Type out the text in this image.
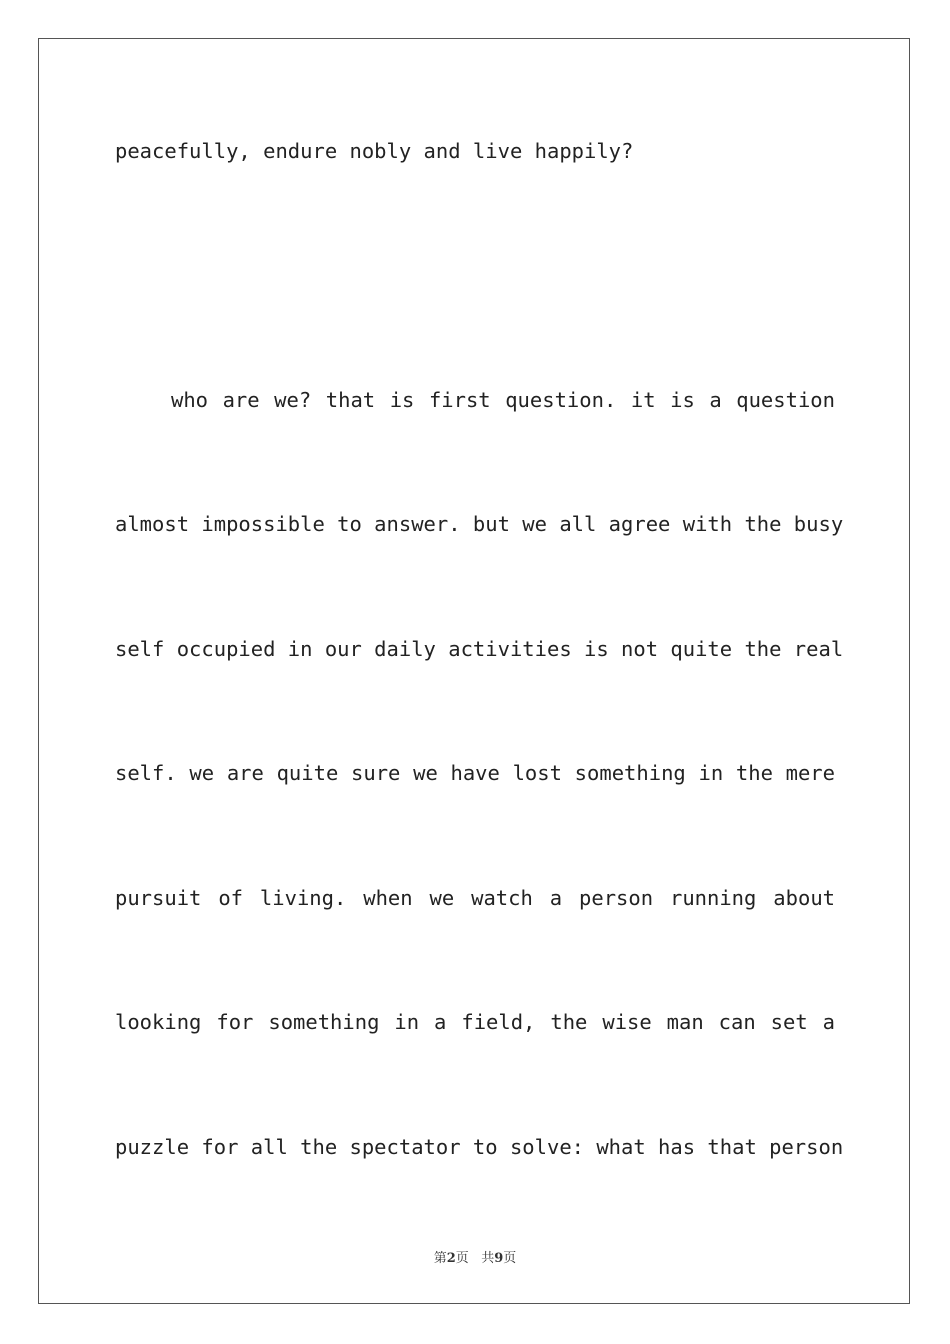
peacefully, endure nobly and live happily?
who are we? that is first question. it is a question
almost impossible to answer. but we all agree with the busy
self occupied in our daily activities is not quite the real
self. we are quite sure we have lost something in the mere
pursuit of living. when we watch a person running about
looking for something in a field, the wise man can set a
puzzle for all the spectator to solve: what has that person
第2页 共9页
